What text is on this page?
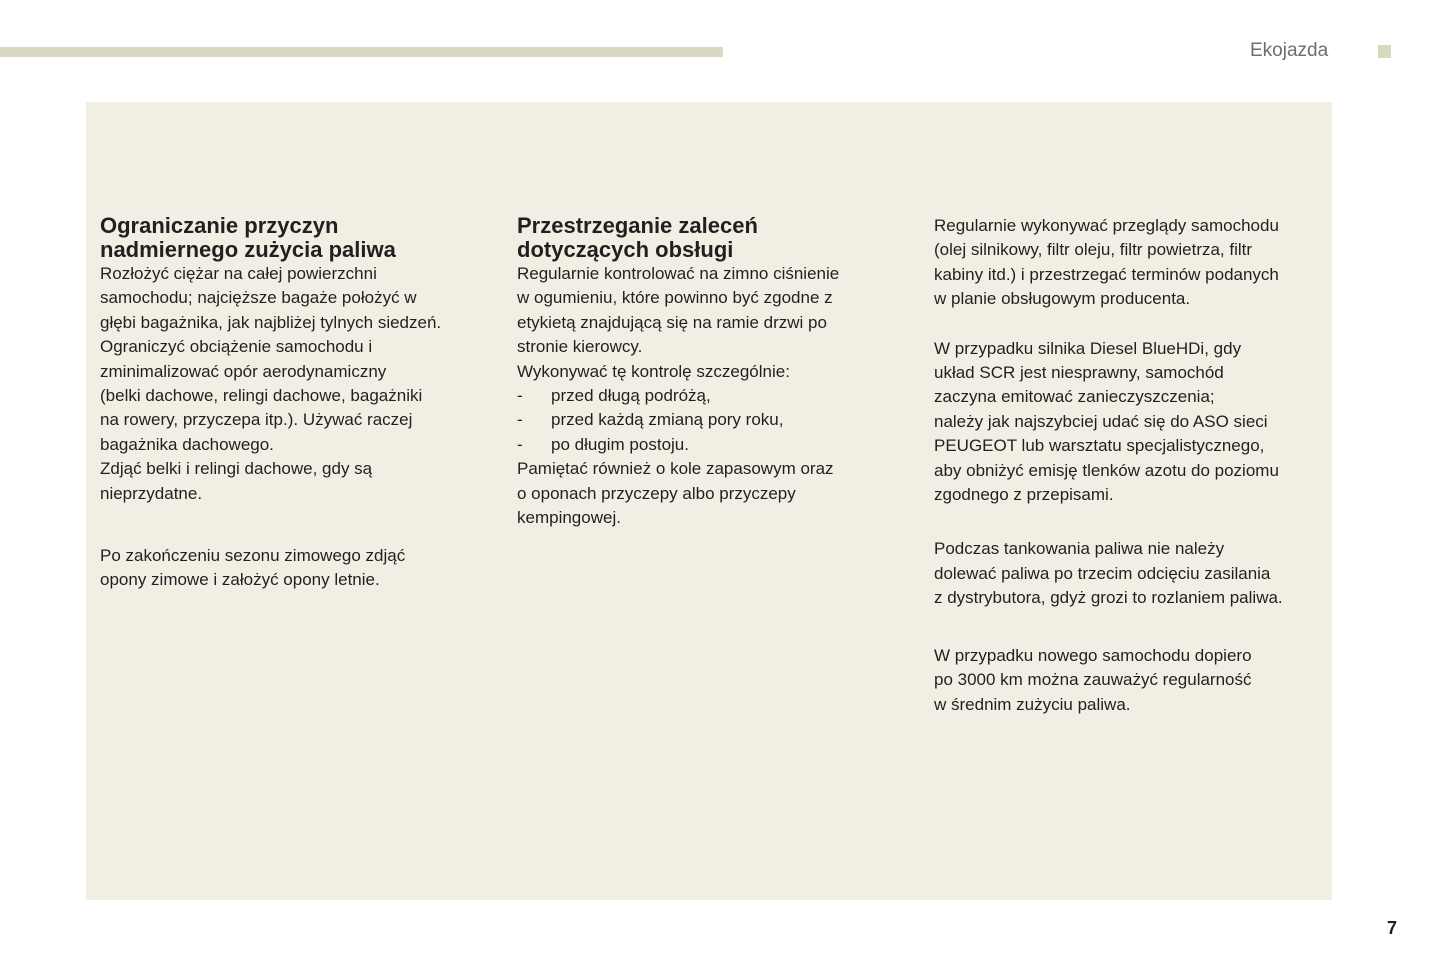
Ekojazda
Ograniczanie przyczyn
nadmiernego zużycia paliwa

Rozłożyć ciężar na całej powierzchni
samochodu; najcięższe bagaże położyć w
głębi bagażnika, jak najbliżej tylnych siedzeń.
Ograniczyć obciążenie samochodu i
zminimalizować opór aerodynamiczny
(belki dachowe, relingi dachowe, bagażniki
na rowery, przyczepa itp.). Używać raczej
bagażnika dachowego.
Zdjąć belki i relingi dachowe, gdy są
nieprzydatne.

Po zakończeniu sezonu zimowego zdjąć
opony zimowe i założyć opony letnie.

Przestrzeganie zaleceń
dotyczących obsługi

Regularnie kontrolować na zimno ciśnienie
w ogumieniu, które powinno być zgodne z
etykietą znajdującą się na ramie drzwi po
stronie kierowcy.
Wykonywać tę kontrolę szczególnie:

- przed długą podróżą,
- przed każdą zmianą pory roku,
- po długim postoju.

Pamiętać również o kole zapasowym oraz
o oponach przyczepy albo przyczepy
kempingowej.

Regularnie wykonywać przeglądy samochodu
(olej silnikowy, filtr oleju, filtr powietrza, filtr
kabiny itd.) i przestrzegać terminów podanych
w planie obsługowym producenta.

W przypadku silnika Diesel BlueHDi, gdy
układ SCR jest niesprawny, samochód
zaczyna emitować zanieczyszczenia;
należy jak najszybciej udać się do ASO sieci
PEUGEOT lub warsztatu specjalistycznego,
aby obniżyć emisję tlenków azotu do poziomu
zgodnego z przepisami.

Podczas tankowania paliwa nie należy
dolewać paliwa po trzecim odcięciu zasilania
z dystrybutora, gdyż grozi to rozlaniem paliwa.

W przypadku nowego samochodu dopiero
po 3000 km można zauważyć regularność
w średnim zużyciu paliwa.

7
